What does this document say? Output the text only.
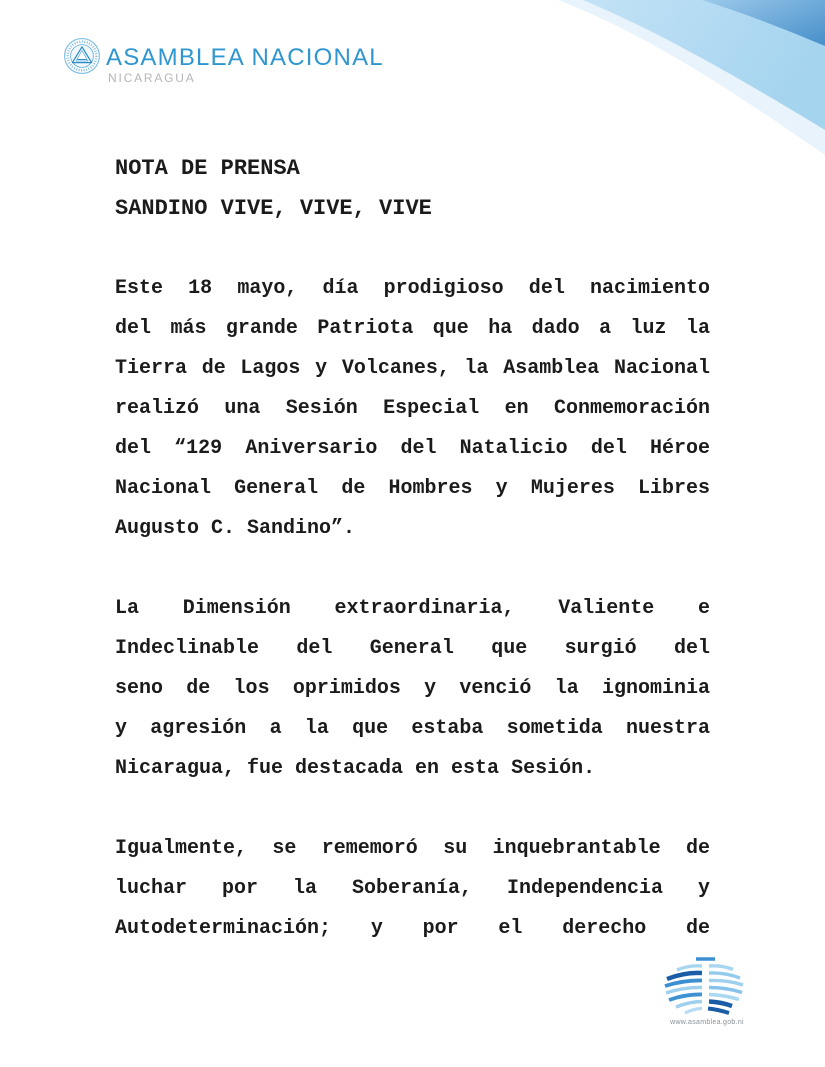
ASAMBLEA NACIONAL
NICARAGUA
NOTA DE PRENSA
SANDINO VIVE, VIVE, VIVE
Este 18 mayo, día prodigioso del nacimiento
del más grande Patriota que ha dado a luz la
Tierra de Lagos y Volcanes, la Asamblea Nacional
realizó una Sesión Especial en Conmemoración
del “129 Aniversario del Natalicio del Héroe
Nacional General de Hombres y Mujeres Libres
Augusto C. Sandino”.
La Dimensión extraordinaria, Valiente e
Indeclinable del General que surgió del
seno de los oprimidos y venció la ignominia
y agresión a la que estaba sometida nuestra
Nicaragua, fue destacada en esta Sesión.
Igualmente, se rememoró su inquebrantable de
luchar por la Soberanía, Independencia y
Autodeterminación; y por el derecho de
www.asamblea.gob.ni
